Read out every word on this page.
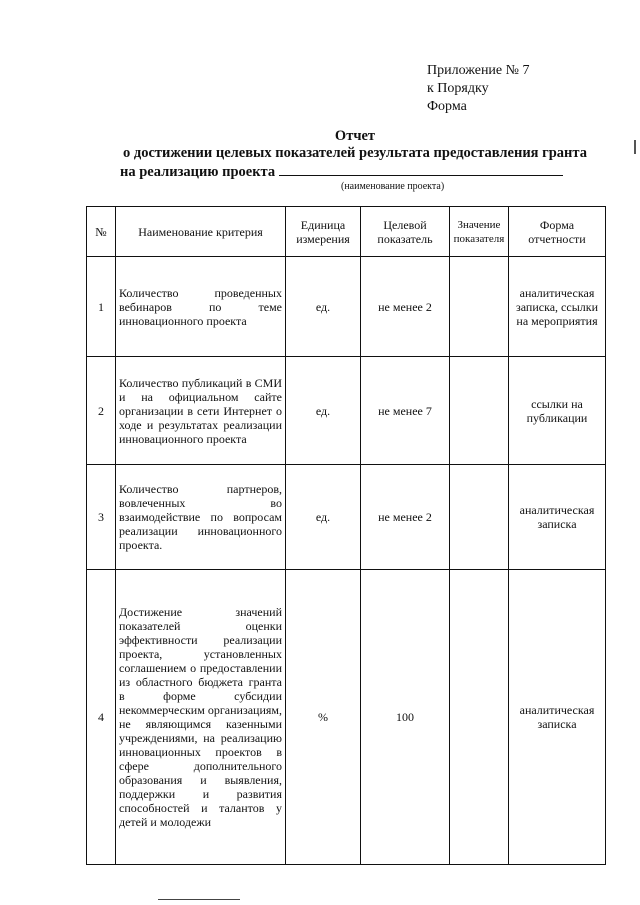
Приложение № 7
к Порядку
Форма
Отчет
о достижении целевых показателей результата предоставления гранта
на реализацию проекта
(наименование проекта)
№	Наименование критерия	Единица измерения	Целевой показатель	Значение показателя	Форма отчетности
1	Количество проведенных вебинаров по теме инновационного проекта	ед.	не менее 2		аналитическая записка, ссылки на мероприятия
2	Количество публикаций в СМИ и на официальном сайте организации в сети Интернет о ходе и результатах реализации инновационного проекта	ед.	не менее 7		ссылки на публикации
3	Количество партнеров, вовлеченных во взаимодействие по вопросам реализации инновационного проекта.	ед.	не менее 2		аналитическая записка
4	Достижение значений показателей оценки эффективности реализации проекта, установленных соглашением о предоставлении из областного бюджета гранта в форме субсидии некоммерческим организациям, не являющимся казенными учреждениями, на реализацию инновационных проектов в сфере дополнительного образования и выявления, поддержки и развития способностей и талантов у детей и молодежи	%	100		аналитическая записка
